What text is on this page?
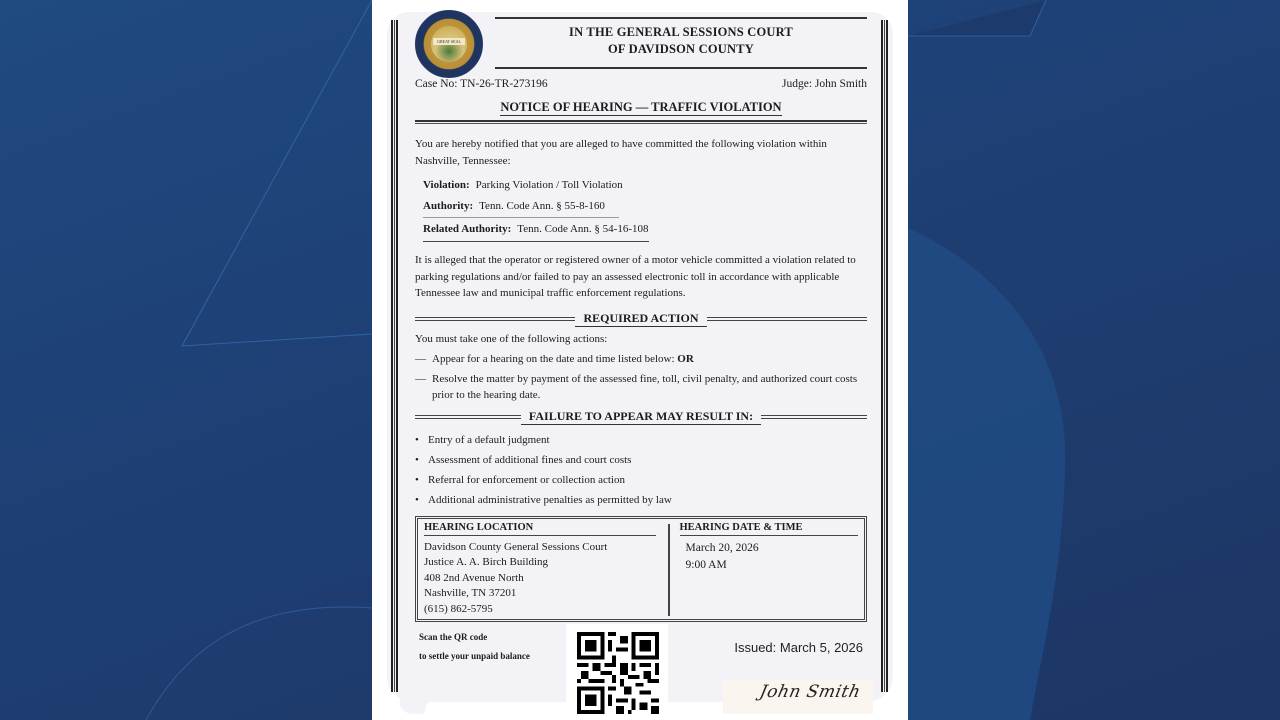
GREAT SEAL
IN THE GENERAL SESSIONS COURT
OF DAVIDSON COUNTY
Case No: TN-26-TR-273196	Judge: John Smith
NOTICE OF HEARING — TRAFFIC VIOLATION

You are hereby notified that you are alleged to have committed the following violation within Nashville, Tennessee:

Violation: Parking Violation / Toll Violation
Authority: Tenn. Code Ann. § 55-8-160
Related Authority: Tenn. Code Ann. § 54-16-108

It is alleged that the operator or registered owner of a motor vehicle committed a violation related to parking regulations and/or failed to pay an assessed electronic toll in accordance with applicable Tennessee law and municipal traffic enforcement regulations.

REQUIRED ACTION
You must take one of the following actions:
— Appear for a hearing on the date and time listed below: OR
— Resolve the matter by payment of the assessed fine, toll, civil penalty, and authorized court costs prior to the hearing date.
FAILURE TO APPEAR MAY RESULT IN:
• Entry of a default judgment
• Assessment of additional fines and court costs
• Referral for enforcement or collection action
• Additional administrative penalties as permitted by law
HEARING LOCATION
Davidson County General Sessions Court
Justice A. A. Birch Building
408 2nd Avenue North
Nashville, TN 37201
(615) 862-5795
HEARING DATE & TIME
March 20, 2026
9:00 AM
Scan the QR code
to settle your unpaid balance
Issued: March 5, 2026
John Smith
